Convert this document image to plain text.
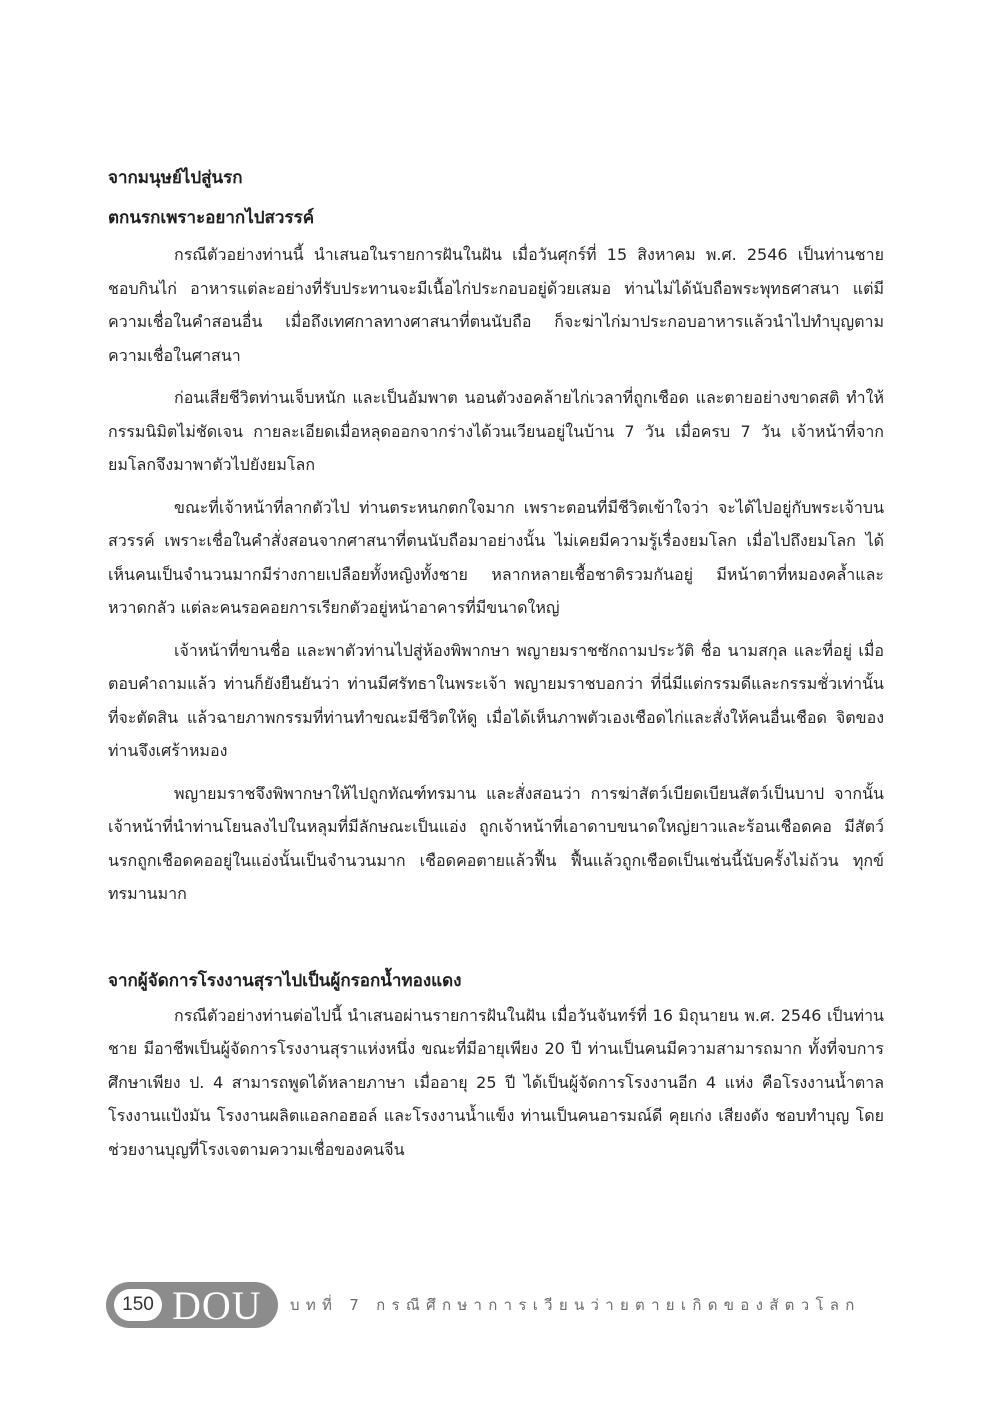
จากมนุษย์ไปสู่นรก
ตกนรกเพราะอยากไปสวรรค์

กรณีตัวอย่างท่านนี้ นำเสนอในรายการฝันในฝัน เมื่อวันศุกร์ที่ 15 สิงหาคม พ.ศ. 2546 เป็นท่านชาย ชอบกินไก่ อาหารแต่ละอย่างที่รับประทานจะมีเนื้อไก่ประกอบอยู่ด้วยเสมอ ท่านไม่ได้นับถือพระพุทธศาสนา แต่มีความเชื่อในคำสอนอื่น เมื่อถึงเทศกาลทางศาสนาที่ตนนับถือ ก็จะฆ่าไก่มาประกอบอาหารแล้วนำไปทำบุญตามความเชื่อในศาสนา

ก่อนเสียชีวิตท่านเจ็บหนัก และเป็นอัมพาต นอนตัวงอคล้ายไก่เวลาที่ถูกเชือด และตายอย่างขาดสติ ทำให้กรรมนิมิตไม่ชัดเจน กายละเอียดเมื่อหลุดออกจากร่างได้วนเวียนอยู่ในบ้าน 7 วัน เมื่อครบ 7 วัน เจ้าหน้าที่จากยมโลกจึงมาพาตัวไปยังยมโลก

ขณะที่เจ้าหน้าที่ลากตัวไป ท่านตระหนกตกใจมาก เพราะตอนที่มีชีวิตเข้าใจว่า จะได้ไปอยู่กับพระเจ้าบนสวรรค์ เพราะเชื่อในคำสั่งสอนจากศาสนาที่ตนนับถือมาอย่างนั้น ไม่เคยมีความรู้เรื่องยมโลก เมื่อไปถึงยมโลก ได้เห็นคนเป็นจำนวนมากมีร่างกายเปลือยทั้งหญิงทั้งชาย หลากหลายเชื้อชาติรวมกันอยู่ มีหน้าตาที่หมองคล้ำและหวาดกลัว แต่ละคนรอคอยการเรียกตัวอยู่หน้าอาคารที่มีขนาดใหญ่

เจ้าหน้าที่ขานชื่อ และพาตัวท่านไปสู่ห้องพิพากษา พญายมราชซักถามประวัติ ชื่อ นามสกุล และที่อยู่ เมื่อตอบคำถามแล้ว ท่านก็ยังยืนยันว่า ท่านมีศรัทธาในพระเจ้า พญายมราชบอกว่า ที่นี่มีแต่กรรมดีและกรรมชั่วเท่านั้นที่จะตัดสิน แล้วฉายภาพกรรมที่ท่านทำขณะมีชีวิตให้ดู เมื่อได้เห็นภาพตัวเองเชือดไก่และสั่งให้คนอื่นเชือด จิตของท่านจึงเศร้าหมอง

พญายมราชจึงพิพากษาให้ไปถูกทัณฑ์ทรมาน และสั่งสอนว่า การฆ่าสัตว์เบียดเบียนสัตว์เป็นบาป จากนั้นเจ้าหน้าที่นำท่านโยนลงไปในหลุมที่มีลักษณะเป็นแอ่ง ถูกเจ้าหน้าที่เอาดาบขนาดใหญ่ยาวและร้อนเชือดคอ มีสัตว์นรกถูกเชือดคออยู่ในแอ่งนั้นเป็นจำนวนมาก เชือดคอตายแล้วฟื้น ฟื้นแล้วถูกเชือดเป็นเช่นนี้นับครั้งไม่ถ้วน ทุกข์ทรมานมาก

จากผู้จัดการโรงงานสุราไปเป็นผู้กรอกน้ำทองแดง

กรณีตัวอย่างท่านต่อไปนี้ นำเสนอผ่านรายการฝันในฝัน เมื่อวันจันทร์ที่ 16 มิถุนายน พ.ศ. 2546 เป็นท่านชาย มีอาชีพเป็นผู้จัดการโรงงานสุราแห่งหนึ่ง ขณะที่มีอายุเพียง 20 ปี ท่านเป็นคนมีความสามารถมาก ทั้งที่จบการศึกษาเพียง ป. 4 สามารถพูดได้หลายภาษา เมื่ออายุ 25 ปี ได้เป็นผู้จัดการโรงงานอีก 4 แห่ง คือโรงงานน้ำตาล โรงงานแป้งมัน โรงงานผลิตแอลกอฮอล์ และโรงงานน้ำแข็ง ท่านเป็นคนอารมณ์ดี คุยเก่ง เสียงดัง ชอบทำบุญ โดยช่วยงานบุญที่โรงเจตามความเชื่อของคนจีน

150 DOU บทที่ 7 กรณีศึกษาการเวียนว่ายตายเกิดของสัตวโลก
